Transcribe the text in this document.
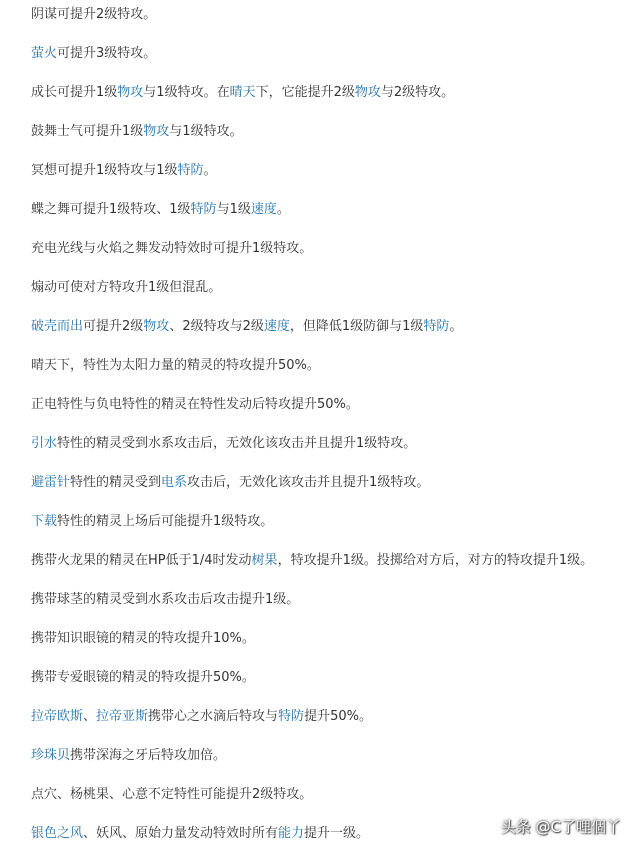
阴谋可提升2级特攻。
萤火可提升3级特攻。
成长可提升1级物攻与1级特攻。在晴天下，它能提升2级物攻与2级特攻。
鼓舞士气可提升1级物攻与1级特攻。
冥想可提升1级特攻与1级特防。
蝶之舞可提升1级特攻、1级特防与1级速度。
充电光线与火焰之舞发动特效时可提升1级特攻。
煽动可使对方特攻升1级但混乱。
破壳而出可提升2级物攻、2级特攻与2级速度，但降低1级防御与1级特防。
晴天下，特性为太阳力量的精灵的特攻提升50%。
正电特性与负电特性的精灵在特性发动后特攻提升50%。
引水特性的精灵受到水系攻击后，无效化该攻击并且提升1级特攻。
避雷针特性的精灵受到电系攻击后，无效化该攻击并且提升1级特攻。
下载特性的精灵上场后可能提升1级特攻。
携带火龙果的精灵在HP低于1/4时发动树果，特攻提升1级。投掷给对方后，对方的特攻提升1级。
携带球茎的精灵受到水系攻击后攻击提升1级。
携带知识眼镜的精灵的特攻提升10%。
携带专爱眼镜的精灵的特攻提升50%。
拉帝欧斯、拉帝亚斯携带心之水滴后特攻与特防提升50%。
珍珠贝携带深海之牙后特攻加倍。
点穴、杨桃果、心意不定特性可能提升2级特攻。
银色之风、妖风、原始力量发动特效时所有能力提升一级。	头条 @C了哩個丫
